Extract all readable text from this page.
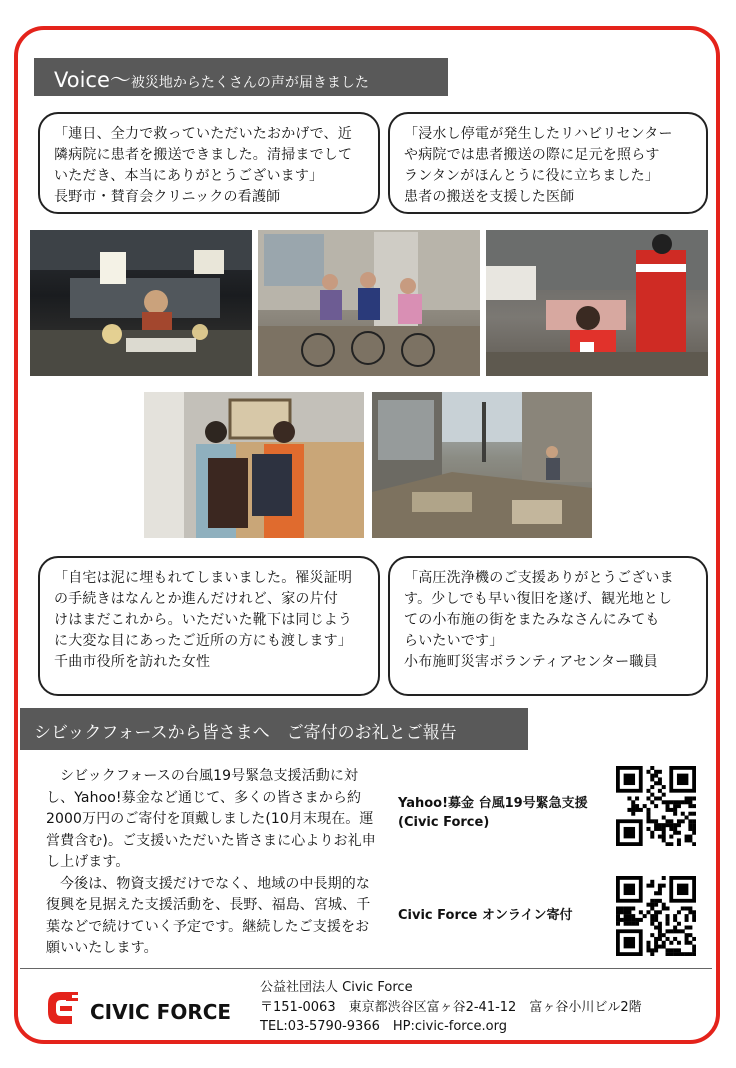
Voice〜被災地からたくさんの声が届きました
「連日、全力で救っていただいたおかげで、近
隣病院に患者を搬送できました。清掃までして
いただき、本当にありがとうございます」
長野市・賛育会クリニックの看護師
「浸水し停電が発生したリハビリセンター
や病院では患者搬送の際に足元を照らす
ランタンがほんとうに役に立ちました」
患者の搬送を支援した医師
「自宅は泥に埋もれてしまいました。罹災証明
の手続きはなんとか進んだけれど、家の片付
けはまだこれから。いただいた靴下は同じよう
に大変な目にあったご近所の方にも渡します」
千曲市役所を訪れた女性
「高圧洗浄機のご支援ありがとうございま
す。少しでも早い復旧を遂げ、観光地とし
ての小布施の街をまたみなさんにみても
らいたいです」
小布施町災害ボランティアセンター職員
シビックフォースから皆さまへ　ご寄付のお礼とご報告

シビックフォースの台風19号緊急支援活動に対し、Yahoo!募金など通じて、多くの皆さまから約2000万円のご寄付を頂戴しました(10月末現在。運営費含む)。ご支援いただいた皆さまに心よりお礼申し上げます。

今後は、物資支援だけでなく、地域の中長期的な復興を見据えた支援活動を、長野、福島、宮城、千葉などで続けていく予定です。継続したご支援をお願いいたします。

Yahoo!募金 台風19号緊急支援
(Civic Force)
Civic Force オンライン寄付
CIVIC FORCE
公益社団法人 Civic Force
〒151-0063　東京都渋谷区富ヶ谷2-41-12　富ヶ谷小川ビル2階
TEL:03-5790-9366　HP:civic-force.org
